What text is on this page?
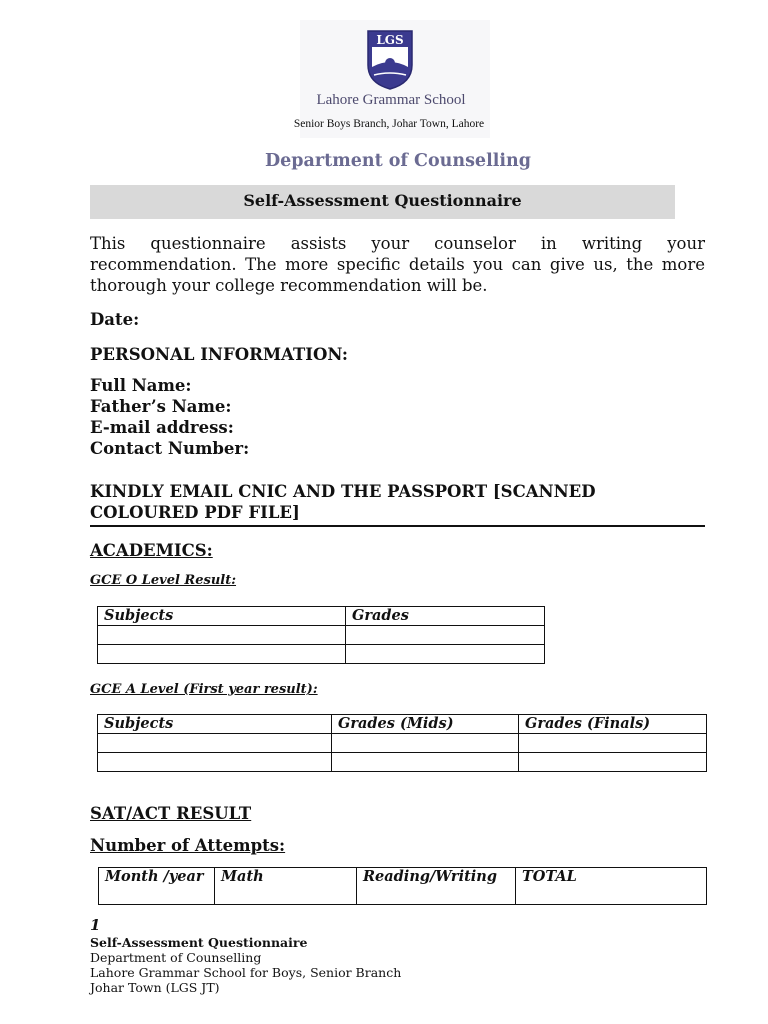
LGS
Lahore Grammar School
Senior Boys Branch, Johar Town, Lahore
Department of Counselling
Self-Assessment Questionnaire
This questionnaire assists your counselor in writing your recommendation. The more specific details you can give us, the more thorough your college recommendation will be.
Date:
PERSONAL INFORMATION:
Full Name:
Father’s Name:
E-mail address:
Contact Number:
KINDLY EMAIL CNIC AND THE PASSPORT [SCANNED COLOURED PDF FILE]
ACADEMICS:
GCE O Level Result:
Subjects	Grades

GCE A Level (First year result):
Subjects	Grades (Mids)	Grades (Finals)

SAT/ACT RESULT
Number of Attempts:
Month /year	Math	Reading/Writing	TOTAL
1
Self-Assessment Questionnaire
Department of Counselling
Lahore Grammar School for Boys, Senior Branch
Johar Town (LGS JT)
